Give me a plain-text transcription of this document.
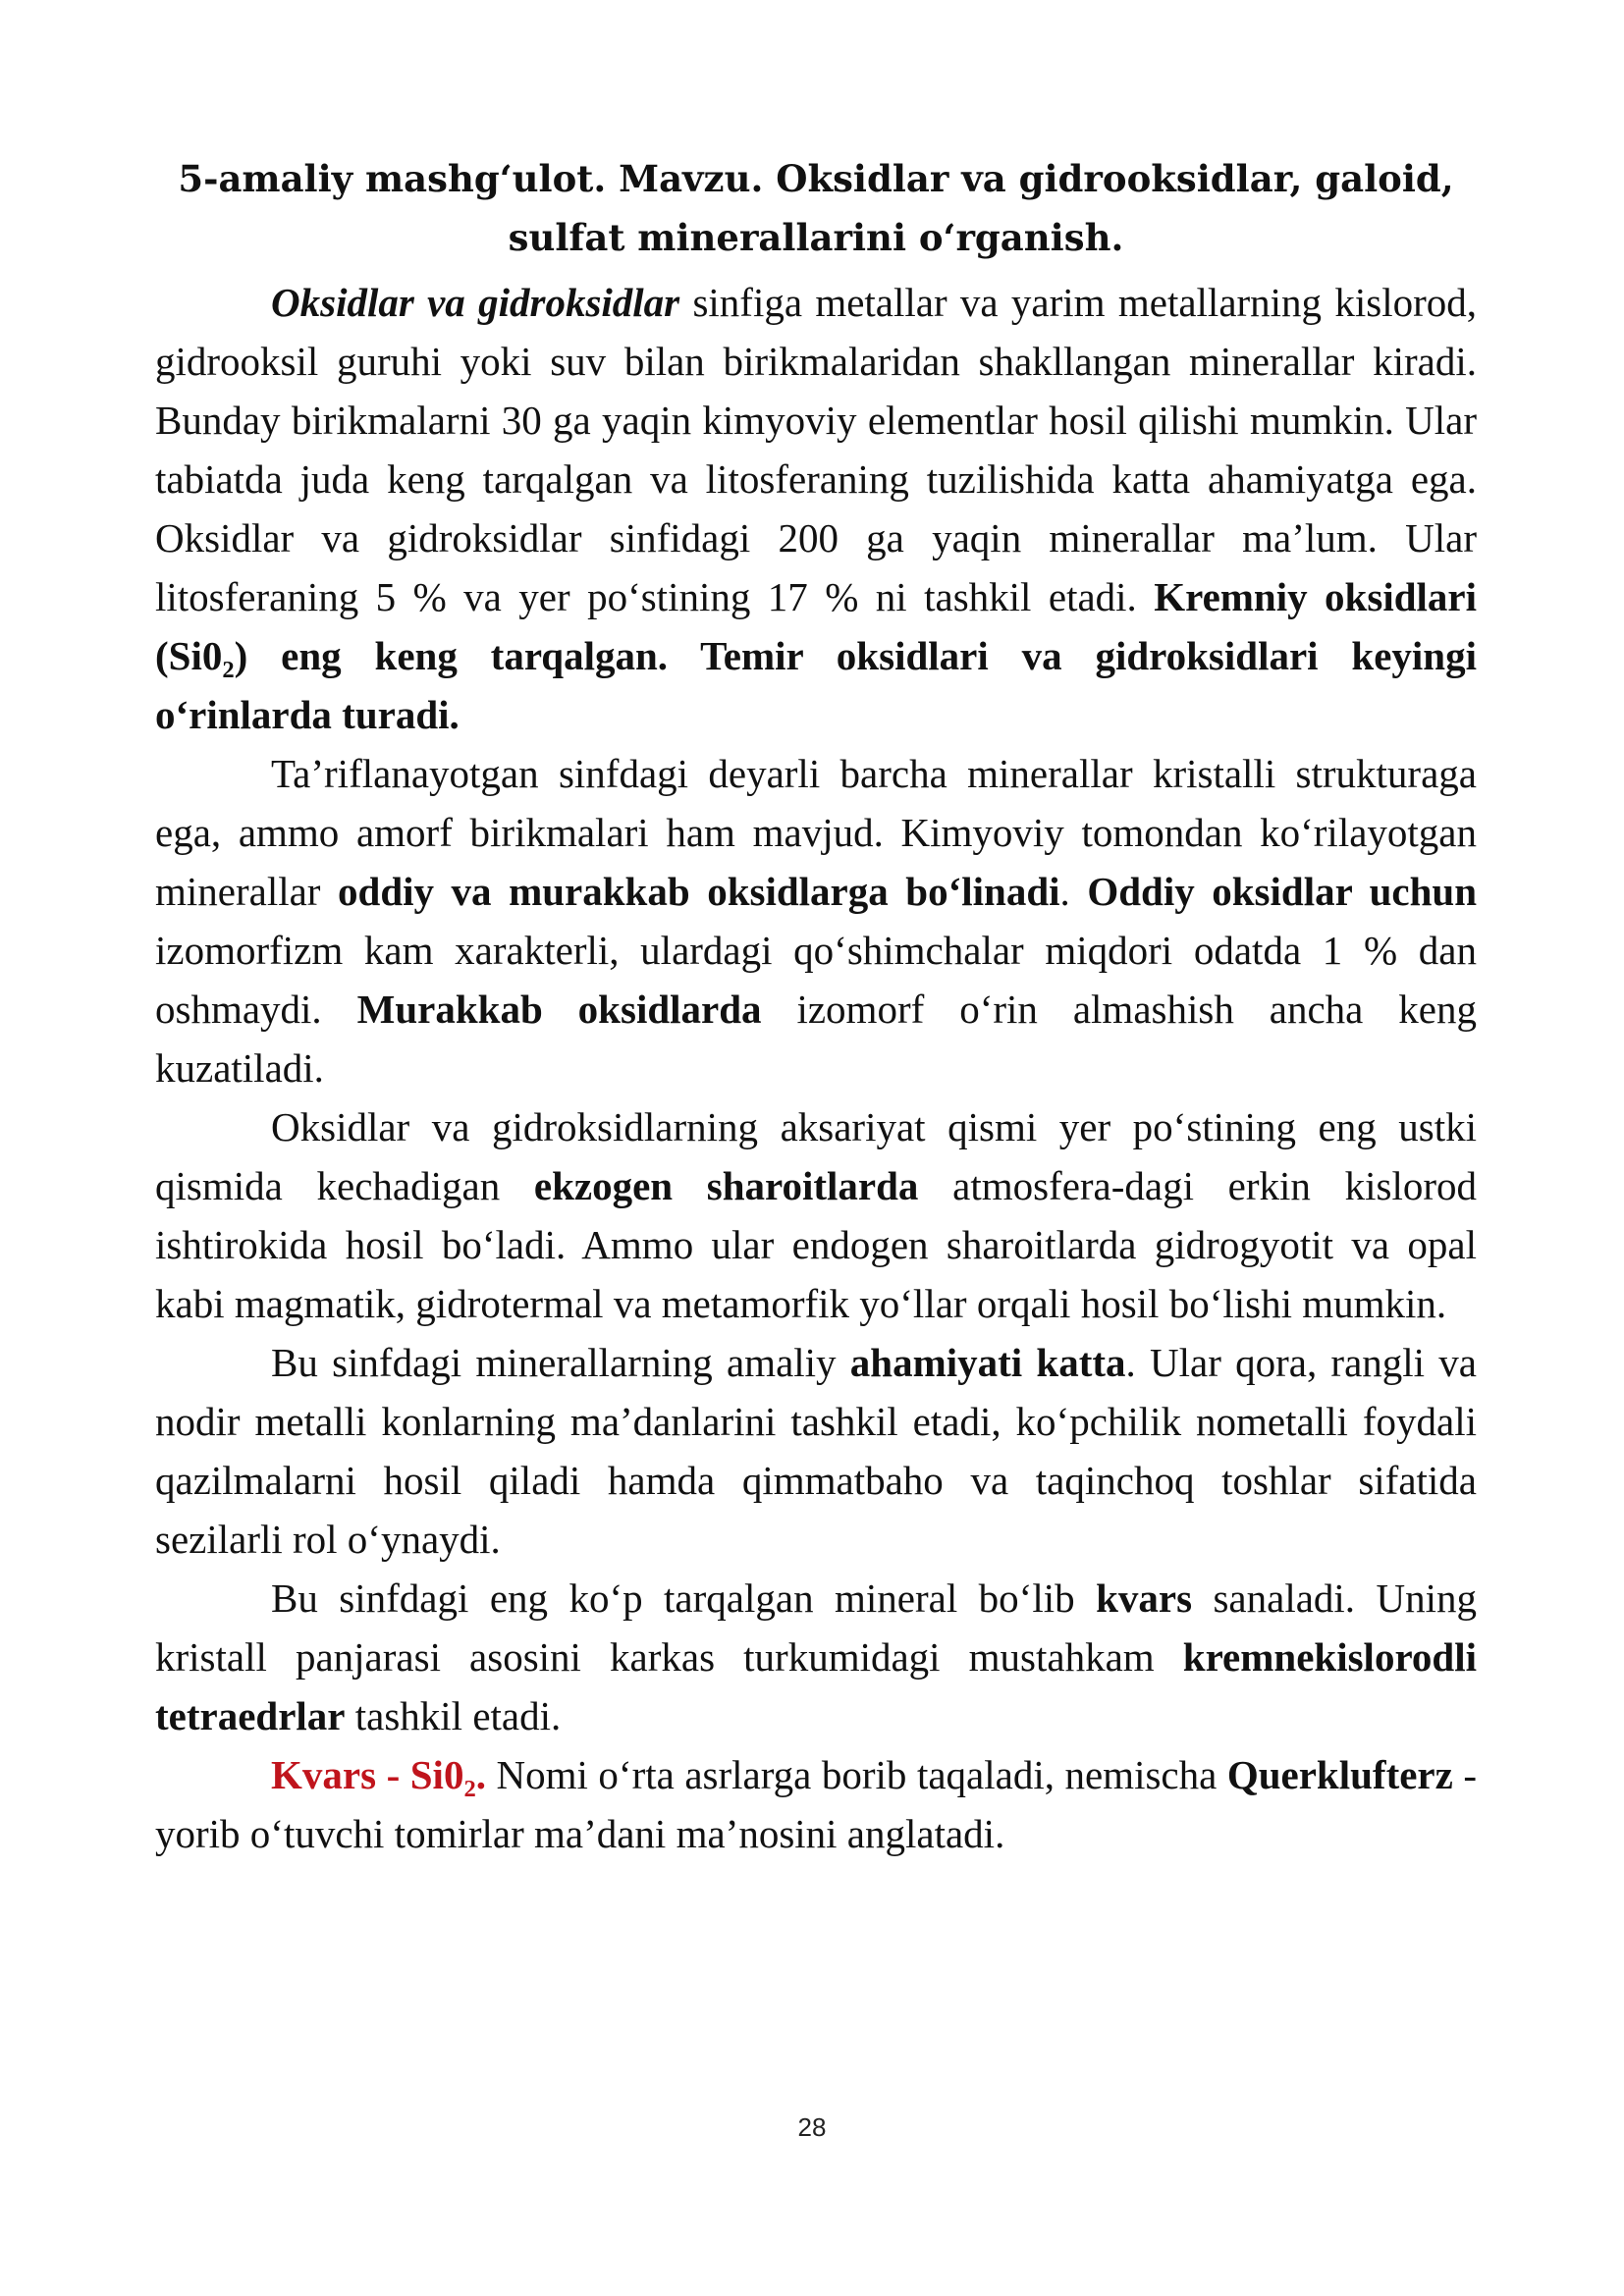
5-amaliy mashgʻulot. Mavzu. Oksidlar va gidrooksidlar, galoid,
sulfat minerallarini oʻrganish.

Oksidlar va gidroksidlar sinfiga metallar va yarim metallarning kislorod, gidrooksil guruhi yoki suv bilan birikmalaridan shakllangan minerallar kiradi. Bunday birikmalarni 30 ga yaqin kimyoviy elementlar hosil qilishi mumkin. Ular tabiatda juda keng tarqalgan va litosferaning tuzilishida katta ahamiyatga ega. Oksidlar va gidroksidlar sinfidagi 200 ga yaqin minerallar maʼlum. Ular litosferaning 5 % va yer poʻstining 17 % ni tashkil etadi. Kremniy oksidlari (Si0₂) eng keng tarqalgan. Temir oksidlari va gidroksidlari keyingi oʻrinlarda turadi.

Taʼriflanayotgan sinfdagi deyarli barcha minerallar kristalli strukturaga ega, ammo amorf birikmalari ham mavjud. Kimyoviy tomondan koʻrilayotgan minerallar oddiy va murakkab oksidlarga boʻlinadi. Oddiy oksidlar uchun izomorfizm kam xarakterli, ulardagi qoʻshimchalar miqdori odatda 1 % dan oshmaydi. Murakkab oksidlarda izomorf oʻrin almashish ancha keng kuzatiladi.

Oksidlar va gidroksidlarning aksariyat qismi yer poʻstining eng ustki qismida kechadigan ekzogen sharoitlarda atmosfera-dagi erkin kislorod ishtirokida hosil boʻladi. Ammo ular endogen sharoitlarda gidrogyotit va opal kabi magmatik, gidrotermal va metamorfik yoʻllar orqali hosil boʻlishi mumkin.

Bu sinfdagi minerallarning amaliy ahamiyati katta. Ular qora, rangli va nodir metalli konlarning maʼdanlarini tashkil etadi, koʻpchilik nometalli foydali qazilmalarni hosil qiladi hamda qimmatbaho va taqinchoq toshlar sifatida sezilarli rol oʻynaydi.

Bu sinfdagi eng koʻp tarqalgan mineral boʻlib kvars sanaladi. Uning kristall panjarasi asosini karkas turkumidagi mustahkam kremnekislorodli tetraedrlar tashkil etadi.

Kvars - Si0₂. Nomi oʻrta asrlarga borib taqaladi, nemischa Querklufterz - yorib oʻtuvchi tomirlar maʼdani maʼnosini anglatadi.

28
